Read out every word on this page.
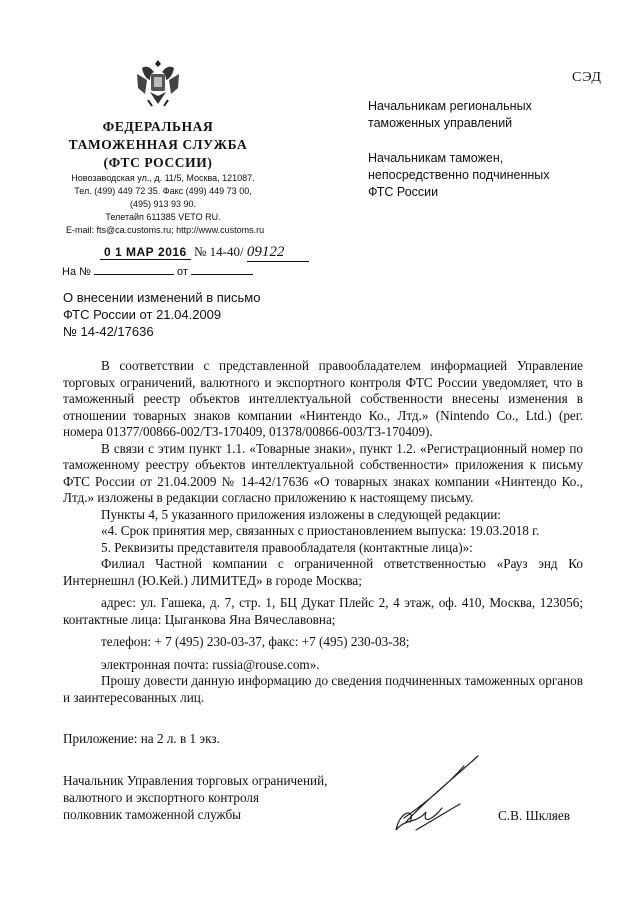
СЭД
ФЕДЕРАЛЬНАЯ
ТАМОЖЕННАЯ СЛУЖБА
(ФТС РОССИИ)
Новозаводская ул., д. 11/5, Москва, 121087.
Тел. (499) 449 72 35. Факс (499) 449 73 00,
(495) 913 93 90.
Телетайп 611385 VETO RU.
E-mail: fts@ca.customs.ru; http://www.customs.ru
0 1 МАР 2016 № 14-40/ 09122
На №	от
Начальникам региональных
таможенных управлений
Начальникам таможен,
непосредственно подчиненных
ФТС России
О внесении изменений в письмо
ФТС России от 21.04.2009
№ 14-42/17636

В соответствии с представленной правообладателем информацией Управление торговых ограничений, валютного и экспортного контроля ФТС России уведомляет, что в таможенный реестр объектов интеллектуальной собственности внесены изменения в отношении товарных знаков компании «Нинтендо Ко., Лтд.» (Nintendo Co., Ltd.) (рег. номера 01377/00866-002/ТЗ-170409, 01378/00866-003/ТЗ-170409).

В связи с этим пункт 1.1. «Товарные знаки», пункт 1.2. «Регистрационный номер по таможенному реестру объектов интеллектуальной собственности» приложения к письму ФТС России от 21.04.2009 № 14-42/17636 «О товарных знаках компании «Нинтендо Ко., Лтд.» изложены в редакции согласно приложению к настоящему письму.

Пункты 4, 5 указанного приложения изложены в следующей редакции:

«4. Срок принятия мер, связанных с приостановлением выпуска: 19.03.2018 г.

5. Реквизиты представителя правообладателя (контактные лица)»:

Филиал Частной компании с ограниченной ответственностью «Рауз энд Ко Интернешнл (Ю.Кей.) ЛИМИТЕД» в городе Москва;

адрес: ул. Гашека, д. 7, стр. 1, БЦ Дукат Плейс 2, 4 этаж, оф. 410, Москва, 123056; контактные лица: Цыганкова Яна Вячеславовна;

телефон: + 7 (495) 230-03-37, факс: +7 (495) 230-03-38;

электронная почта: russia@rouse.com».

Прошу довести данную информацию до сведения подчиненных таможенных органов и заинтересованных лиц.

Приложение: на 2 л. в 1 экз.
Начальник Управления торговых ограничений,
валютного и экспортного контроля
полковник таможенной службы	С.В. Шкляев
